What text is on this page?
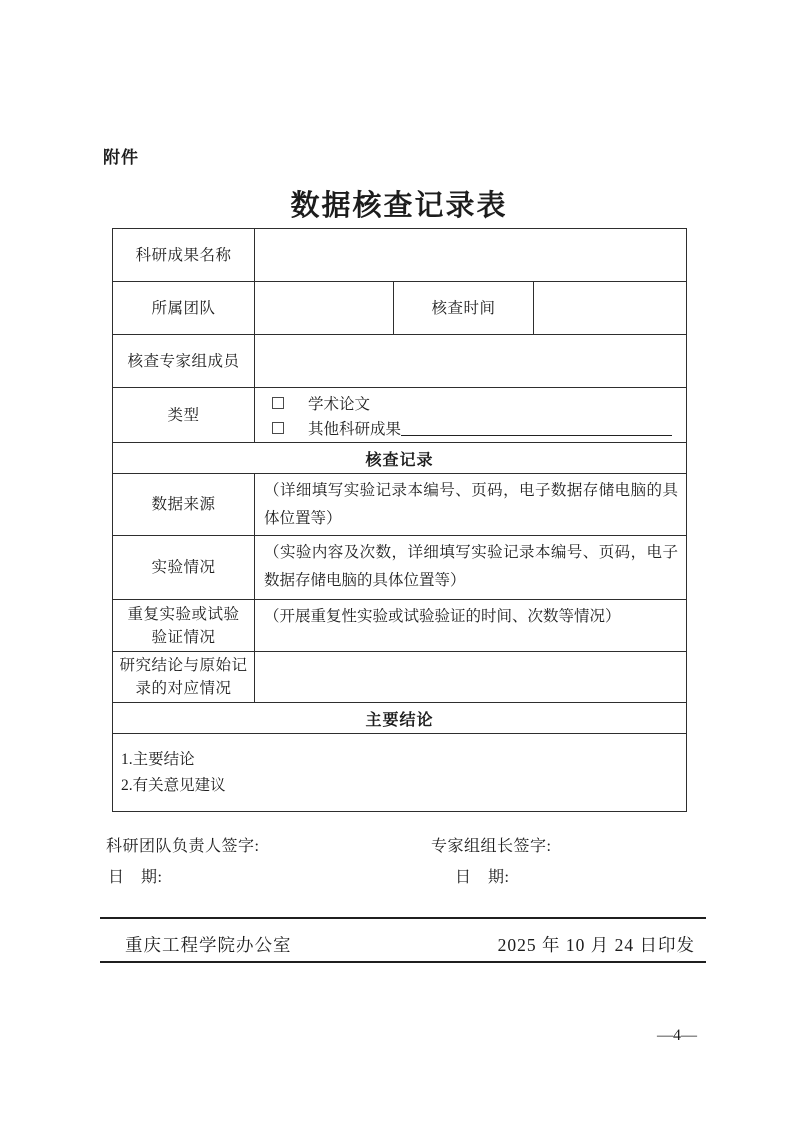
附件
数据核查记录表
科研成果名称			
所属团队		核查时间	
核查专家组成员			
类型	学术论文
其他科研成果		

核查记录			
数据来源	（详细填写实验记录本编号、页码，电子数据存储电脑的具体位置等）		
实验情况	（实验内容及次数，详细填写实验记录本编号、页码，电子数据存储电脑的具体位置等）		

重复实验或试验
验证情况	（开展重复性实验或试验验证的时间、次数等情况）		

研究结论与原始记
录的对应情况			

主要结论			

1.主要结论
2.有关意见建议			
科研团队负责人签字:	专家组组长签字:
日　期:	日　期:
重庆工程学院办公室	2025 年 10 月 24 日印发
—4—
